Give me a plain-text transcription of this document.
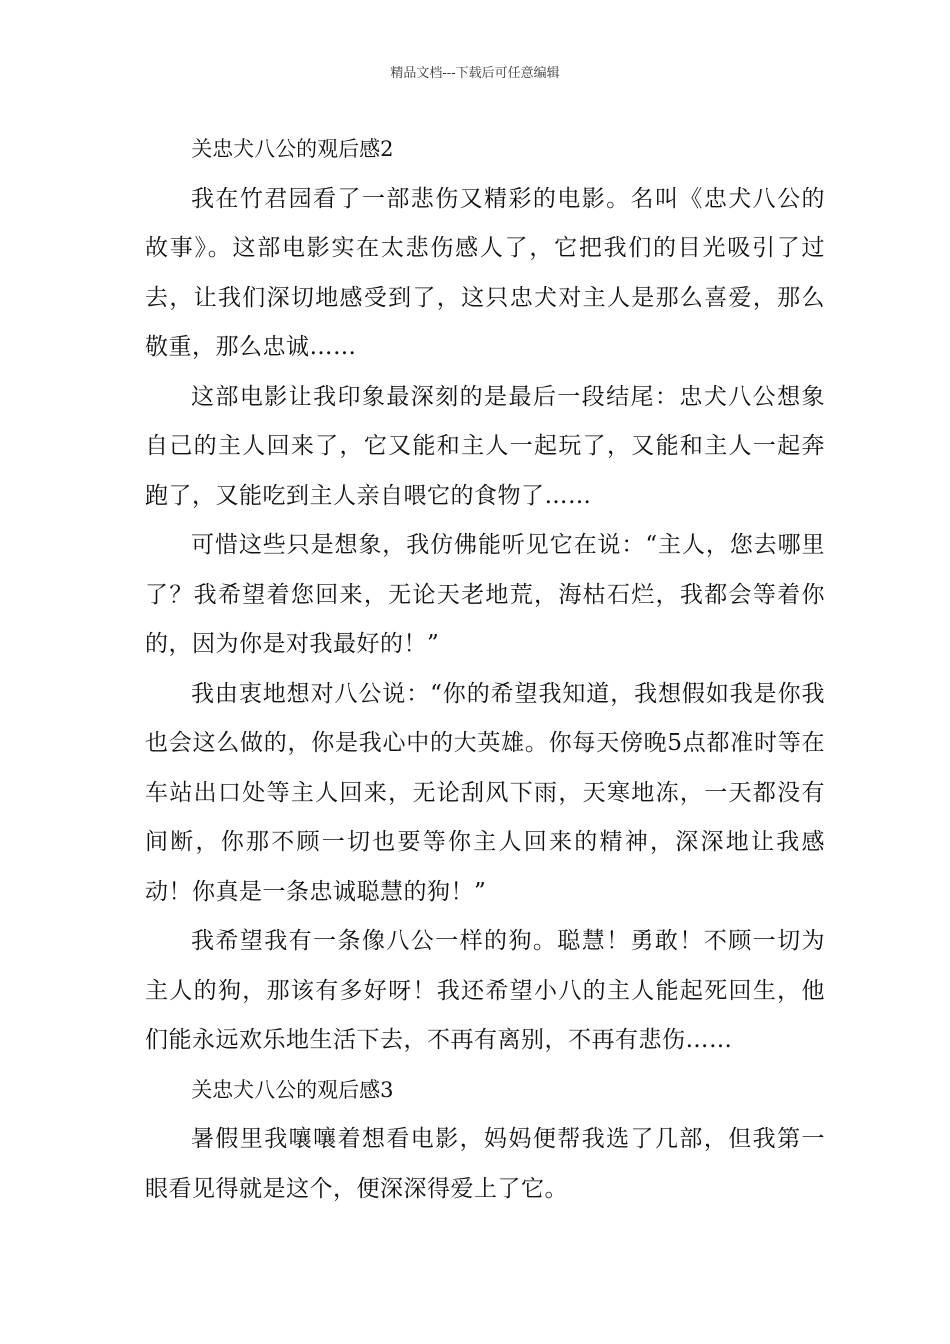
精品文档---下载后可任意编辑

关忠犬八公的观后感2

我在竹君园看了一部悲伤又精彩的电影。名叫《忠犬八公的故事》。这部电影实在太悲伤感人了，它把我们的目光吸引了过去，让我们深切地感受到了，这只忠犬对主人是那么喜爱，那么敬重，那么忠诚……

这部电影让我印象最深刻的是最后一段结尾：忠犬八公想象自己的主人回来了，它又能和主人一起玩了，又能和主人一起奔跑了，又能吃到主人亲自喂它的食物了……

可惜这些只是想象，我仿佛能听见它在说：“主人，您去哪里了？我希望着您回来，无论天老地荒，海枯石烂，我都会等着你的，因为你是对我最好的！”

我由衷地想对八公说：“你的希望我知道，我想假如我是你我也会这么做的，你是我心中的大英雄。你每天傍晚5点都准时等在车站出口处等主人回来，无论刮风下雨，天寒地冻，一天都没有间断，你那不顾一切也要等你主人回来的精神，深深地让我感动！你真是一条忠诚聪慧的狗！”

我希望我有一条像八公一样的狗。聪慧！勇敢！不顾一切为主人的狗，那该有多好呀！我还希望小八的主人能起死回生，他们能永远欢乐地生活下去，不再有离别，不再有悲伤……

关忠犬八公的观后感3

暑假里我嚷嚷着想看电影，妈妈便帮我选了几部，但我第一眼看见得就是这个，便深深得爱上了它。
